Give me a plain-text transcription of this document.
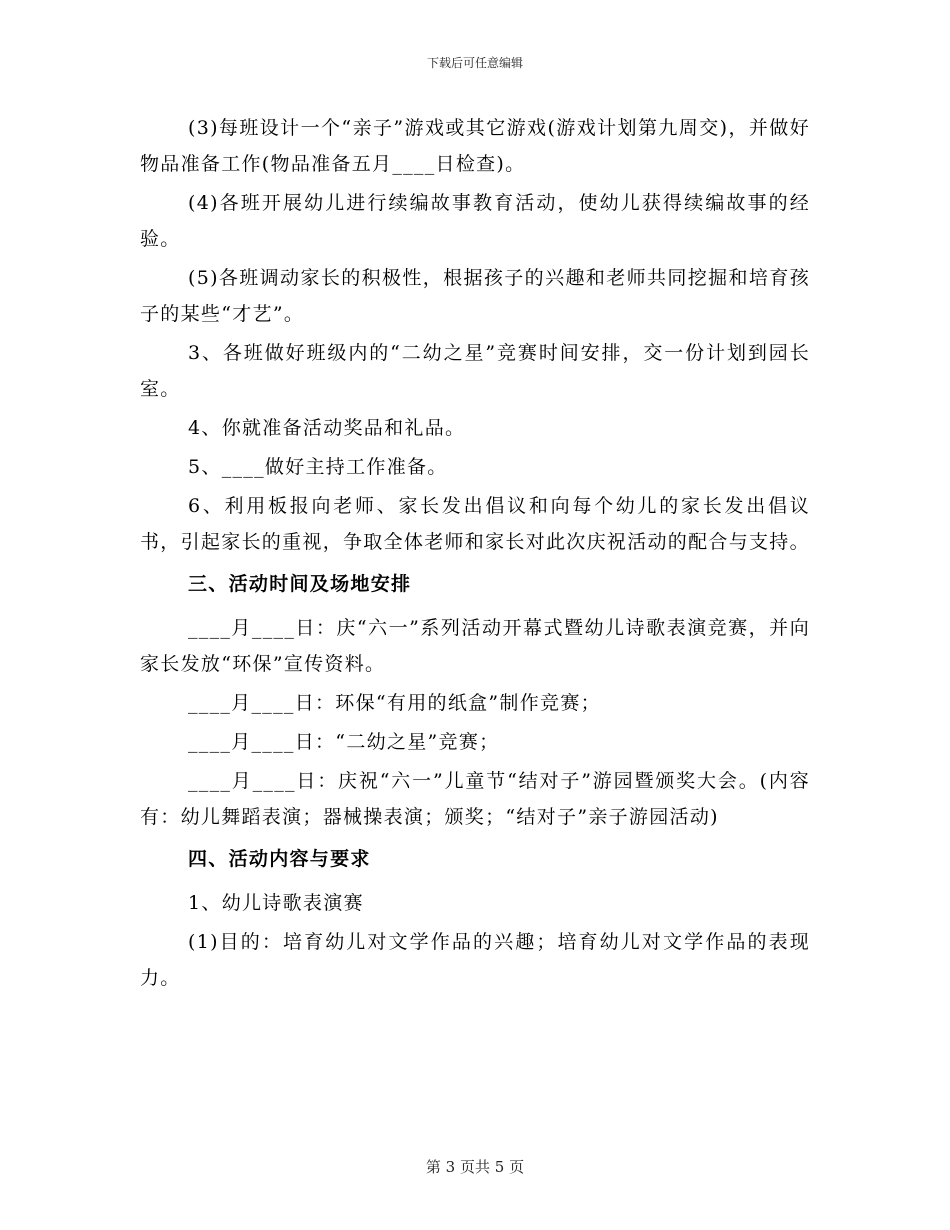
下载后可任意编辑

(3)每班设计一个“亲子”游戏或其它游戏(游戏计划第九周交)，并做好物品准备工作(物品准备五月____日检查)。

(4)各班开展幼儿进行续编故事教育活动，使幼儿获得续编故事的经验。

(5)各班调动家长的积极性，根据孩子的兴趣和老师共同挖掘和培育孩子的某些“才艺”。

3、各班做好班级内的“二幼之星”竞赛时间安排，交一份计划到园长室。

4、你就准备活动奖品和礼品。

5、____做好主持工作准备。

6、利用板报向老师、家长发出倡议和向每个幼儿的家长发出倡议书，引起家长的重视，争取全体老师和家长对此次庆祝活动的配合与支持。

三、活动时间及场地安排

____月____日：庆“六一”系列活动开幕式暨幼儿诗歌表演竞赛，并向家长发放“环保”宣传资料。

____月____日：环保“有用的纸盒”制作竞赛；

____月____日：“二幼之星”竞赛；

____月____日：庆祝“六一”儿童节“结对子”游园暨颁奖大会。(内容有：幼儿舞蹈表演；器械操表演；颁奖；“结对子”亲子游园活动)

四、活动内容与要求

1、幼儿诗歌表演赛

(1)目的：培育幼儿对文学作品的兴趣；培育幼儿对文学作品的表现力。

第 3 页共 5 页
